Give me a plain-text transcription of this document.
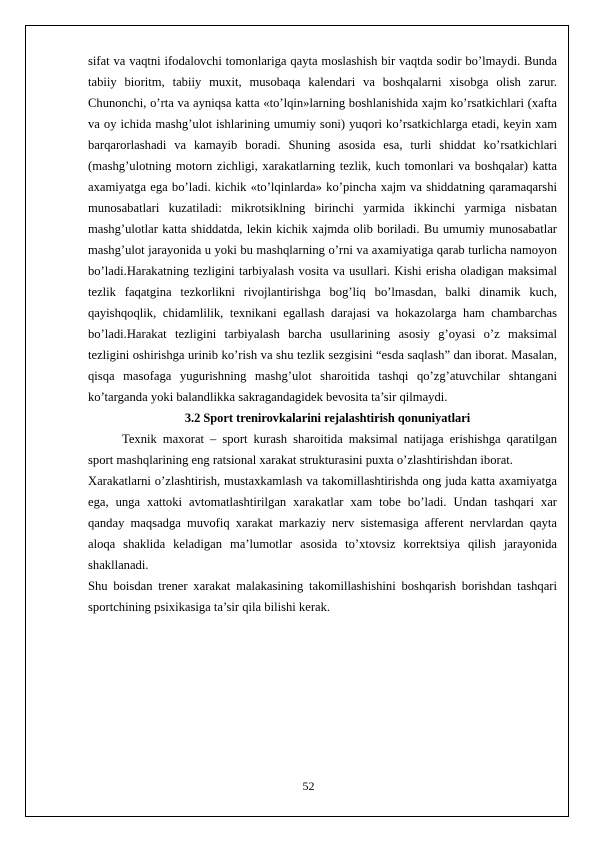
sifat va vaqtni ifodalovchi tomonlariga qayta moslashish bir vaqtda sodir bo’lmaydi. Bunda tabiiy bioritm, tabiiy muxit, musobaqa kalendari va boshqalarni xisobga olish zarur. Chunonchi, o’rta va ayniqsa katta «to’lqin»larning boshlanishida xajm ko’rsatkichlari (xafta va oy ichida mashg’ulot ishlarining umumiy soni) yuqori ko’rsatkichlarga etadi, keyin xam barqarorlashadi va kamayib boradi. Shuning asosida esa, turli shiddat ko’rsatkichlari (mashg’ulotning motorn zichligi, xarakatlarning tezlik, kuch tomonlari va boshqalar) katta axamiyatga ega bo’ladi. kichik «to’lqinlarda» ko’pincha xajm va shiddatning qaramaqarshi munosabatlari kuzatiladi: mikrotsiklning birinchi yarmida ikkinchi yarmiga nisbatan mashg’ulotlar katta shiddatda, lekin kichik xajmda olib boriladi. Bu umumiy munosabatlar mashg’ulot jarayonida u yoki bu mashqlarning o’rni va axamiyatiga qarab turlicha namoyon bo’ladi.Harakatning tezligini tarbiyalash vosita va usullari. Kishi erisha oladigan maksimal tezlik faqatgina tezkorlikni rivojlantirishga bog’liq bo’lmasdan, balki dinamik kuch, qayishqoqlik, chidamlilik, texnikani egallash darajasi va hokazolarga ham chambarchas bo’ladi.Harakat tezligini tarbiyalash barcha usullarining asosiy g’oyasi o’z maksimal tezligini oshirishga urinib ko’rish va shu tezlik sezgisini “esda saqlash” dan iborat. Masalan, qisqa masofaga yugurishning mashg’ulot sharoitida tashqi qo’zg’atuvchilar shtangani ko’targanda yoki balandlikka sakragandagidek bevosita ta’sir qilmaydi.

3.2 Sport trenirovkalarini rejalashtirish qonuniyatlari

Texnik maxorat – sport kurash sharoitida maksimal natijaga erishishga qaratilgan sport mashqlarining eng ratsional xarakat strukturasini puxta o’zlashtirishdan iborat.

Xarakatlarni o’zlashtirish, mustaxkamlash va takomillashtirishda ong juda katta axamiyatga ega, unga xattoki avtomatlashtirilgan xarakatlar xam tobe bo’ladi. Undan tashqari xar qanday maqsadga muvofiq xarakat markaziy nerv sistemasiga afferent nervlardan qayta aloqa shaklida keladigan ma’lumotlar asosida to’xtovsiz korrektsiya qilish jarayonida shakllanadi.

Shu boisdan trener xarakat malakasining takomillashishini boshqarish borishdan tashqari sportchining psixikasiga ta’sir qila bilishi kerak.

52
